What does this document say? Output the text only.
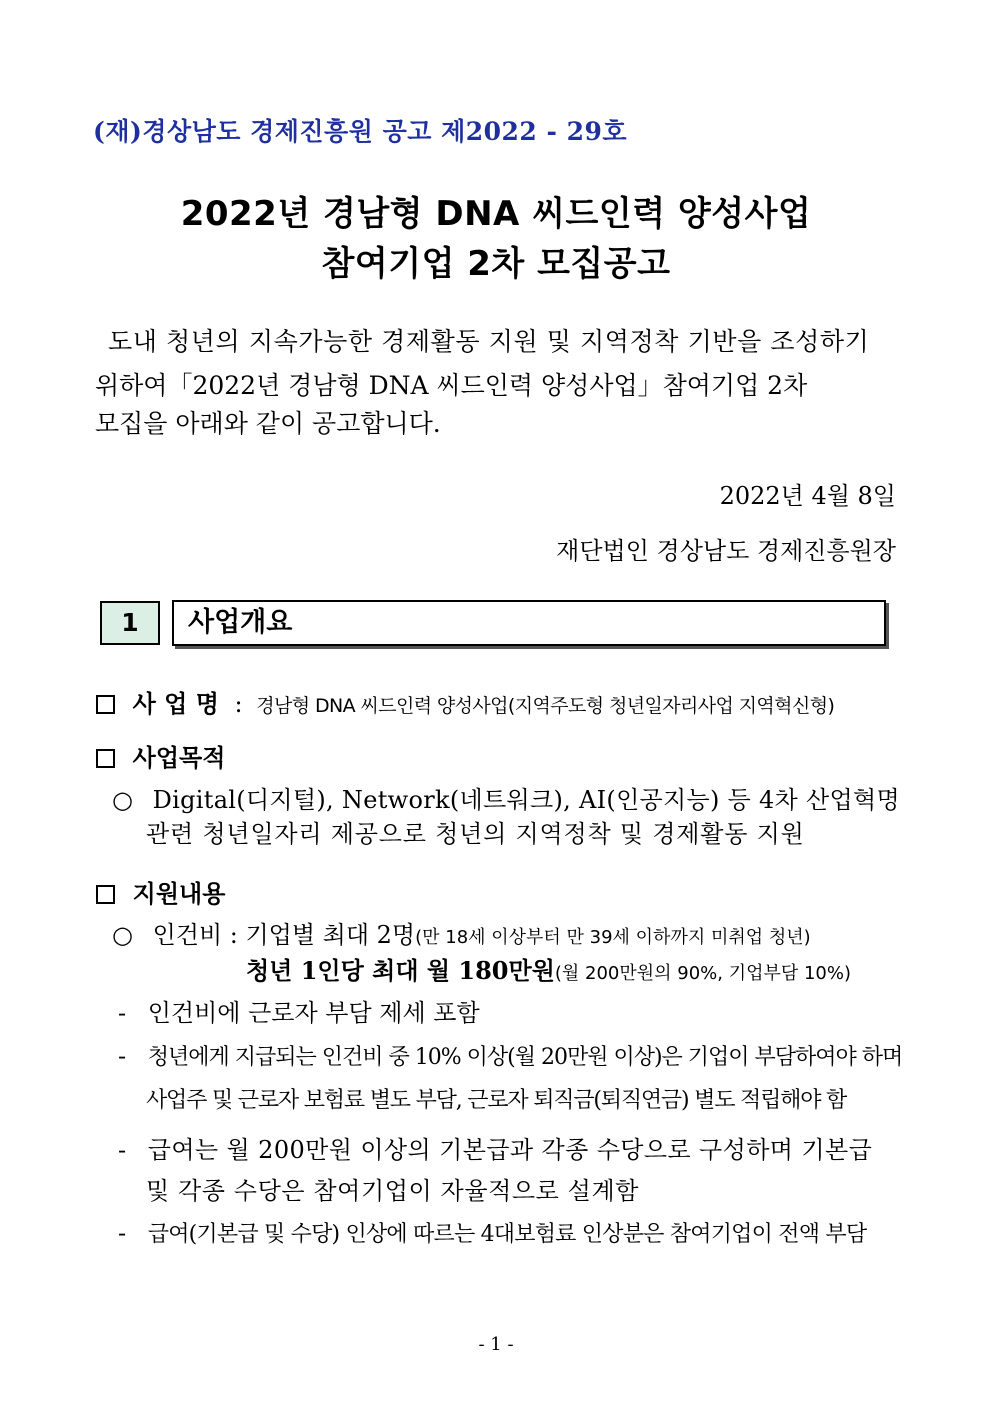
(재)경상남도 경제진흥원 공고 제2022 - 29호
2022년 경남형 DNA 씨드인력 양성사업
참여기업 2차 모집공고
도내 청년의 지속가능한 경제활동 지원 및 지역정착 기반을 조성하기
위하여「2022년 경남형 DNA 씨드인력 양성사업」참여기업 2차
모집을 아래와 같이 공고합니다.
2022년 4월 8일
재단법인 경상남도 경제진흥원장
1	사업개요
사 업 명 : 경남형 DNA 씨드인력 양성사업(지역주도형 청년일자리사업 지역혁신형)
사업목적
○ Digital(디지털), Network(네트워크), AI(인공지능) 등 4차 산업혁명
관련 청년일자리 제공으로 청년의 지역정착 및 경제활동 지원
지원내용
○ 인건비 : 기업별 최대 2명(만 18세 이상부터 만 39세 이하까지 미취업 청년)
청년 1인당 최대 월 180만원(월 200만원의 90%, 기업부담 10%)
- 인건비에 근로자 부담 제세 포함
- 청년에게 지급되는 인건비 중 10% 이상(월 20만원 이상)은 기업이 부담하여야 하며
사업주 및 근로자 보험료 별도 부담, 근로자 퇴직금(퇴직연금) 별도 적립해야 함
- 급여는 월 200만원 이상의 기본급과 각종 수당으로 구성하며 기본급
및 각종 수당은 참여기업이 자율적으로 설계함
- 급여(기본급 및 수당) 인상에 따르는 4대보험료 인상분은 참여기업이 전액 부담
- 1 -
